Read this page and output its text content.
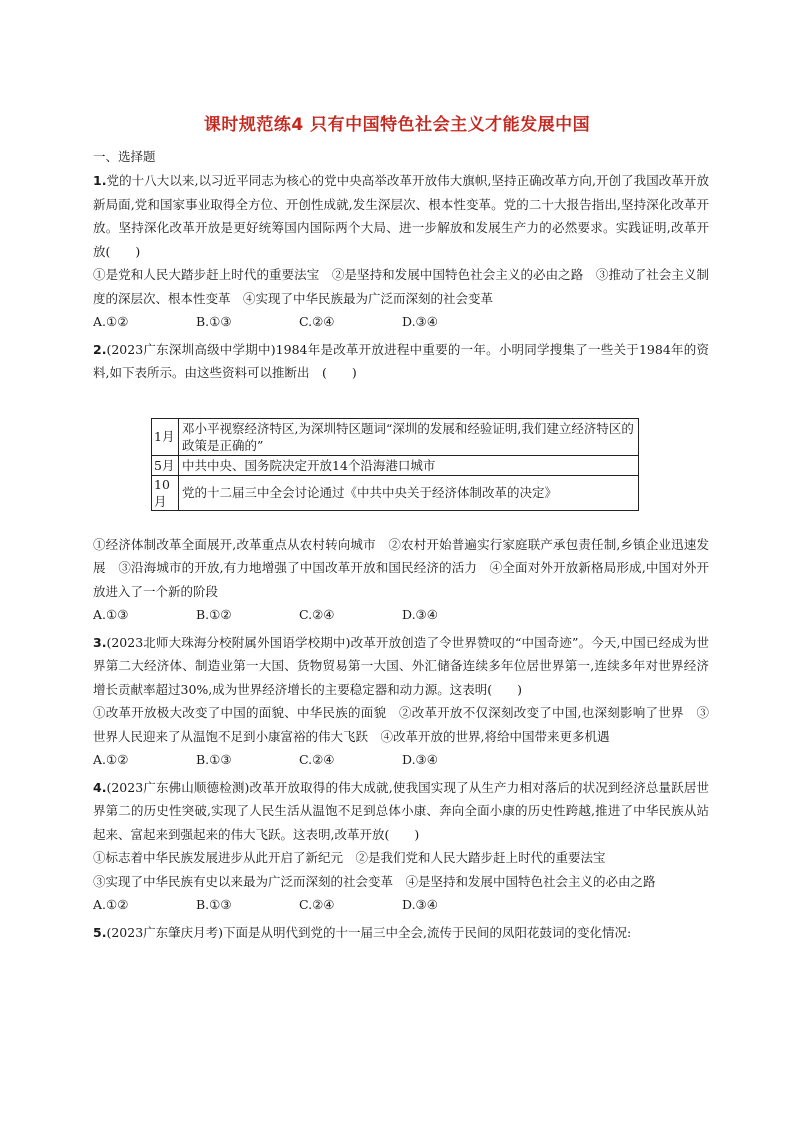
课时规范练4 只有中国特色社会主义才能发展中国
一、选择题

1.党的十八大以来,以习近平同志为核心的党中央高举改革开放伟大旗帜,坚持正确改革方向,开创了我国改革开放新局面,党和国家事业取得全方位、开创性成就,发生深层次、根本性变革。党的二十大报告指出,坚持深化改革开放。坚持深化改革开放是更好统筹国内国际两个大局、进一步解放和发展生产力的必然要求。实践证明,改革开放(　　)

①是党和人民大踏步赶上时代的重要法宝　②是坚持和发展中国特色社会主义的必由之路　③推动了社会主义制度的深层次、根本性变革　④实现了中华民族最为广泛而深刻的社会变革

A.①②	B.①③	C.②④	D.③④

2.(2023广东深圳高级中学期中)1984年是改革开放进程中重要的一年。小明同学搜集了一些关于1984年的资料,如下表所示。由这些资料可以推断出　(　　)

1月	邓小平视察经济特区,为深圳特区题词“深圳的发展和经验证明,我们建立经济特区的政策是正确的”
5月	中共中央、国务院决定开放14个沿海港口城市
10月	党的十二届三中全会讨论通过《中共中央关于经济体制改革的决定》

①经济体制改革全面展开,改革重点从农村转向城市　②农村开始普遍实行家庭联产承包责任制,乡镇企业迅速发展　③沿海城市的开放,有力地增强了中国改革开放和国民经济的活力　④全面对外开放新格局形成,中国对外开放进入了一个新的阶段

A.①③	B.①②	C.②④	D.③④

3.(2023北师大珠海分校附属外国语学校期中)改革开放创造了令世界赞叹的“中国奇迹”。今天,中国已经成为世界第二大经济体、制造业第一大国、货物贸易第一大国、外汇储备连续多年位居世界第一,连续多年对世界经济增长贡献率超过30%,成为世界经济增长的主要稳定器和动力源。这表明(　　)

①改革开放极大改变了中国的面貌、中华民族的面貌　②改革开放不仅深刻改变了中国,也深刻影响了世界　③世界人民迎来了从温饱不足到小康富裕的伟大飞跃　④改革开放的世界,将给中国带来更多机遇

A.①②	B.①③	C.②④	D.③④

4.(2023广东佛山顺德检测)改革开放取得的伟大成就,使我国实现了从生产力相对落后的状况到经济总量跃居世界第二的历史性突破,实现了人民生活从温饱不足到总体小康、奔向全面小康的历史性跨越,推进了中华民族从站起来、富起来到强起来的伟大飞跃。这表明,改革开放(　　)

①标志着中华民族发展进步从此开启了新纪元　②是我们党和人民大踏步赶上时代的重要法宝

③实现了中华民族有史以来最为广泛而深刻的社会变革　④是坚持和发展中国特色社会主义的必由之路

A.①②	B.①③	C.②④	D.③④

5.(2023广东肇庆月考)下面是从明代到党的十一届三中全会,流传于民间的凤阳花鼓词的变化情况:
